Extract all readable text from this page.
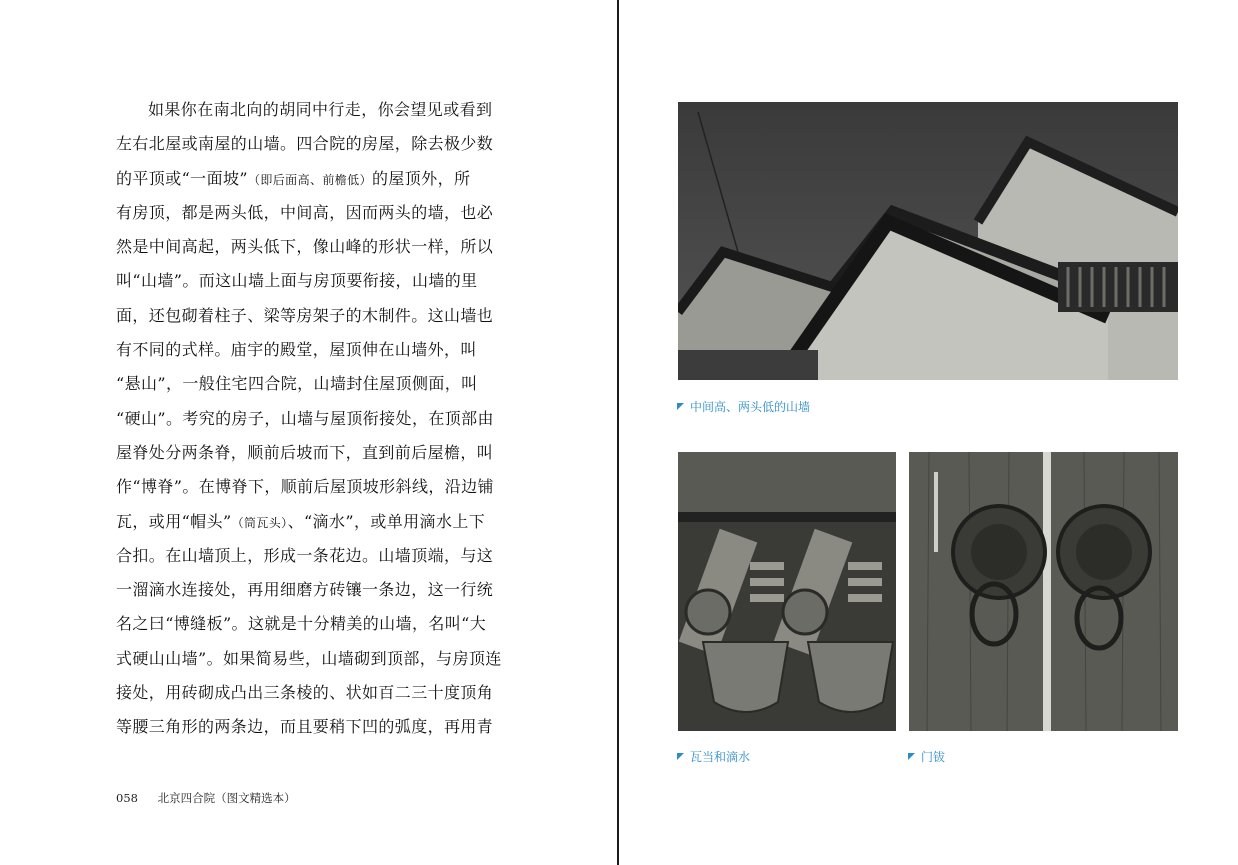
如果你在南北向的胡同中行走，你会望见或看到
左右北屋或南屋的山墙。四合院的房屋，除去极少数
的平顶或“一面坡”（即后面高、前檐低）的屋顶外，所
有房顶，都是两头低，中间高，因而两头的墙，也必
然是中间高起，两头低下，像山峰的形状一样，所以
叫“山墙”。而这山墙上面与房顶要衔接，山墙的里
面，还包砌着柱子、梁等房架子的木制件。这山墙也
有不同的式样。庙宇的殿堂，屋顶伸在山墙外，叫
“悬山”，一般住宅四合院，山墙封住屋顶侧面，叫
“硬山”。考究的房子，山墙与屋顶衔接处，在顶部由
屋脊处分两条脊，顺前后坡而下，直到前后屋檐，叫
作“博脊”。在博脊下，顺前后屋顶坡形斜线，沿边铺
瓦，或用“帽头”（筒瓦头）、“滴水”，或单用滴水上下
合扣。在山墙顶上，形成一条花边。山墙顶端，与这
一溜滴水连接处，再用细磨方砖镶一条边，这一行统
名之曰“博缝板”。这就是十分精美的山墙，名叫“大
式硬山山墙”。如果简易些，山墙砌到顶部，与房顶连
接处，用砖砌成凸出三条棱的、状如百二三十度顶角
等腰三角形的两条边，而且要稍下凹的弧度，再用青

058 北京四合院（图文精选本）
中间高、两头低的山墙
瓦当和滴水	门钹
